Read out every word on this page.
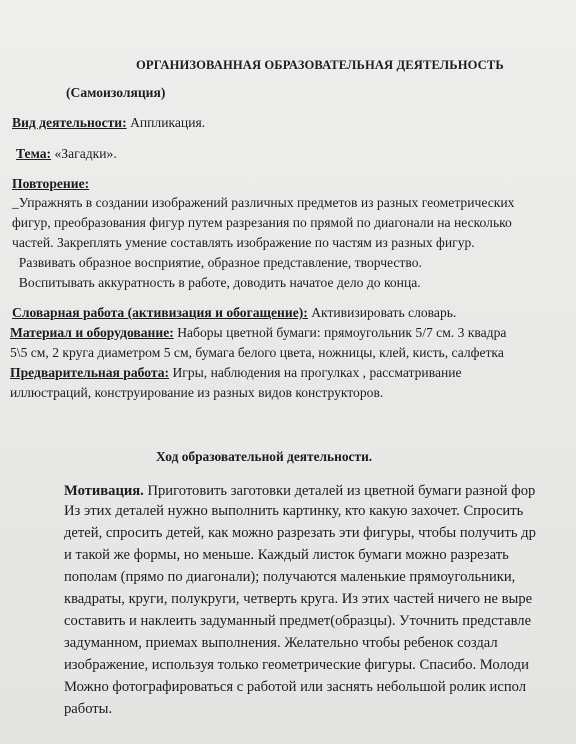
ОРГАНИЗОВАННАЯ ОБРАЗОВАТЕЛЬНАЯ ДЕЯТЕЛЬНОСТЬ
(Самоизоляция)
Вид деятельности: Аппликация.
Тема: «Загадки».
Повторение:
_Упражнять в создании изображений различных предметов из разных геометрических
фигур, преобразования фигур путем разрезания по прямой по диагонали на несколько
частей. Закреплять умение составлять изображение по частям из разных фигур.
Развивать образное восприятие, образное представление, творчество.
Воспитывать аккуратность в работе, доводить начатое дело до конца.
Словарная работа (активизация и обогащение): Активизировать словарь.
Материал и оборудование: Наборы цветной бумаги: прямоугольник 5/7 см. 3 квадра
5\5 см, 2 круга диаметром 5 см, бумага белого цвета, ножницы, клей, кисть, салфетка
Предварительная работа: Игры, наблюдения на прогулках , рассматривание
иллюстраций, конструирование из разных видов конструкторов.
Ход образовательной деятельности.
Мотивация. Приготовить заготовки деталей из цветной бумаги разной фор
Из этих деталей нужно выполнить картинку, кто какую захочет. Спросить
детей, спросить детей, как можно разрезать эти фигуры, чтобы получить др
и такой же формы, но меньше. Каждый листок бумаги можно разрезать
пополам (прямо по диагонали); получаются маленькие прямоугольники,
квадраты, круги, полукруги, четверть круга. Из этих частей ничего не выре
составить и наклеить задуманный предмет(образцы). Уточнить представле
задуманном, приемах выполнения. Желательно чтобы ребенок создал
изображение, используя только геометрические фигуры. Спасибо. Молоди
Можно фотографироваться с работой или заснять небольшой ролик испол
работы.
